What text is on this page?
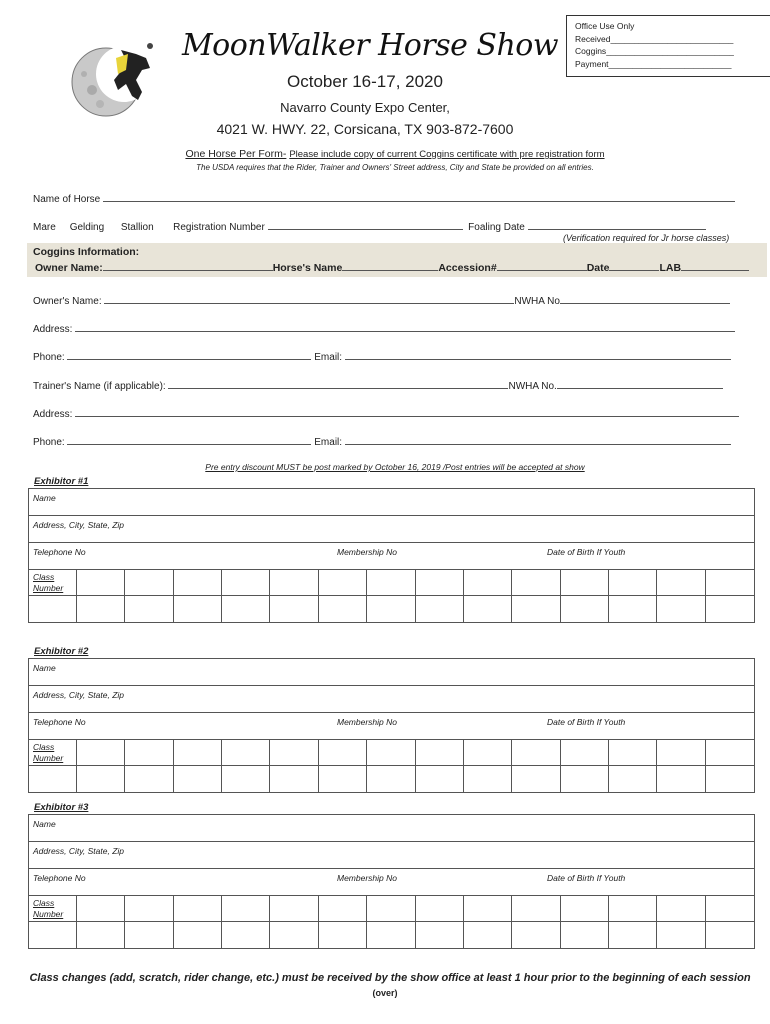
MoonWalker Horse Show
October 16-17, 2020
Navarro County Expo Center,
4021 W. HWY. 22, Corsicana, TX 903-872-7600
Office Use Only
Received__________________________
Coggins___________________________
Payment__________________________
One Horse Per Form- Please include copy of current Coggins certificate with pre registration form
The USDA requires that the Rider, Trainer and Owners' Street address, City and State be provided on all entries.
Name of Horse
Mare Gelding Stallion Registration Number	Foaling Date
(Verification required for Jr horse classes)
Coggins Information:
Owner Name:	Horse's Name	Accession#	Date	LAB
Owner's Name:	NWHA No
Address:
Phone:	Email:
Trainer's Name (if applicable):	NWHA No.
Address:
Phone:	Email:
Pre entry discount MUST be post marked by October 16, 2019 /Post entries will be accepted at show
Exhibitor #1
Name
Address, City, State, Zip
Telephone No	Membership No	Date of Birth If Youth
Class
Number
Exhibitor #2
Name
Address, City, State, Zip
Telephone No	Membership No	Date of Birth If Youth
Class
Number
Exhibitor #3
Name
Address, City, State, Zip
Telephone No	Membership No	Date of Birth If Youth
Class
Number
Class changes (add, scratch, rider change, etc.) must be received by the show office at least 1 hour prior to the beginning of each session
(over)
